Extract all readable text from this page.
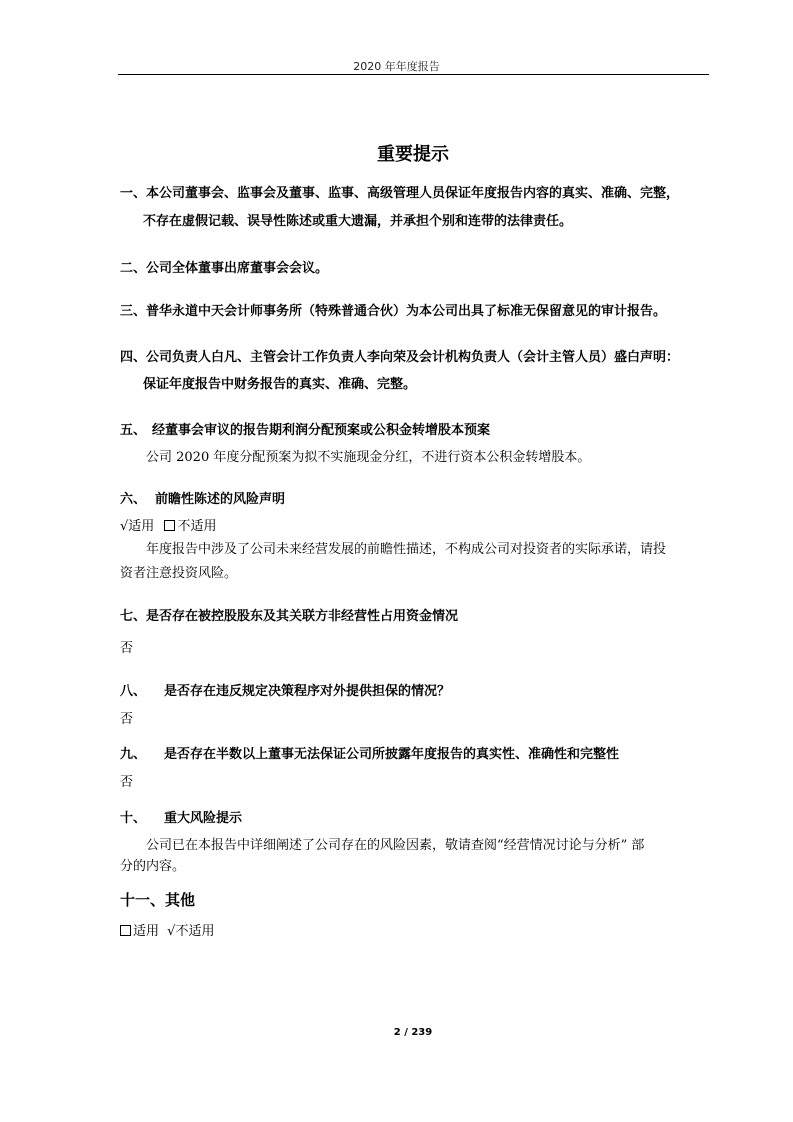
2020 年年度报告
重要提示
一、本公司董事会、监事会及董事、监事、高级管理人员保证年度报告内容的真实、准确、完整，
不存在虚假记载、误导性陈述或重大遗漏，并承担个别和连带的法律责任。
二、公司全体董事出席董事会会议。
三、普华永道中天会计师事务所（特殊普通合伙）为本公司出具了标准无保留意见的审计报告。
四、公司负责人白凡、主管会计工作负责人李向荣及会计机构负责人（会计主管人员）盛白声明：
保证年度报告中财务报告的真实、准确、完整。
五、 经董事会审议的报告期利润分配预案或公积金转增股本预案
公司 2020 年度分配预案为拟不实施现金分红，不进行资本公积金转增股本。
六、 前瞻性陈述的风险声明
√适用 不适用
年度报告中涉及了公司未来经营发展的前瞻性描述，不构成公司对投资者的实际承诺，请投
资者注意投资风险。
七、是否存在被控股股东及其关联方非经营性占用资金情况
否
八、 是否存在违反规定决策程序对外提供担保的情况？
否
九、 是否存在半数以上董事无法保证公司所披露年度报告的真实性、准确性和完整性
否
十、 重大风险提示
公司已在本报告中详细阐述了公司存在的风险因素，敬请查阅“经营情况讨论与分析” 部
分的内容。
十一、其他
适用 √不适用
2 / 239
